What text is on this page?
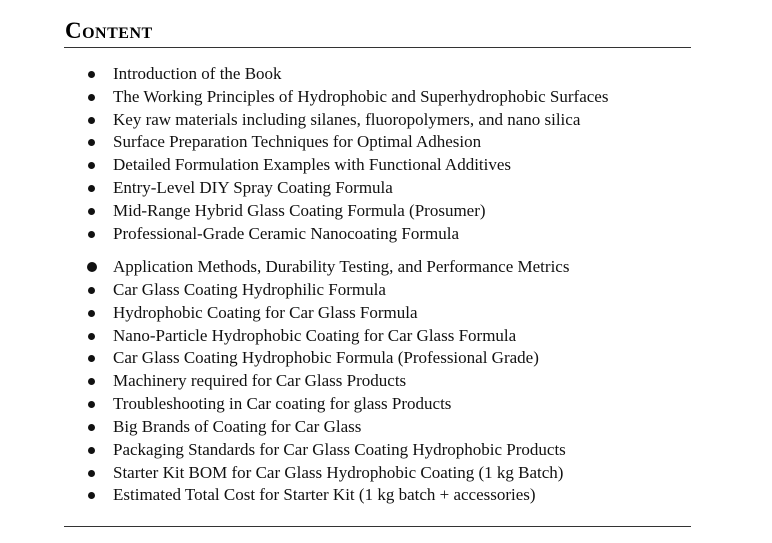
Content
Introduction of the Book
The Working Principles of Hydrophobic and Superhydrophobic Surfaces
Key raw materials including silanes, fluoropolymers, and nano silica
Surface Preparation Techniques for Optimal Adhesion
Detailed Formulation Examples with Functional Additives
Entry-Level DIY Spray Coating Formula
Mid-Range Hybrid Glass Coating Formula (Prosumer)
Professional-Grade Ceramic Nanocoating Formula
Application Methods, Durability Testing, and Performance Metrics
Car Glass Coating Hydrophilic Formula
Hydrophobic Coating for Car Glass Formula
Nano-Particle Hydrophobic Coating for Car Glass Formula
Car Glass Coating Hydrophobic Formula (Professional Grade)
Machinery required for Car Glass Products
Troubleshooting in Car coating for glass Products
Big Brands of Coating for Car Glass
Packaging Standards for Car Glass Coating Hydrophobic Products
Starter Kit BOM for Car Glass Hydrophobic Coating (1 kg Batch)
Estimated Total Cost for Starter Kit (1 kg batch + accessories)
